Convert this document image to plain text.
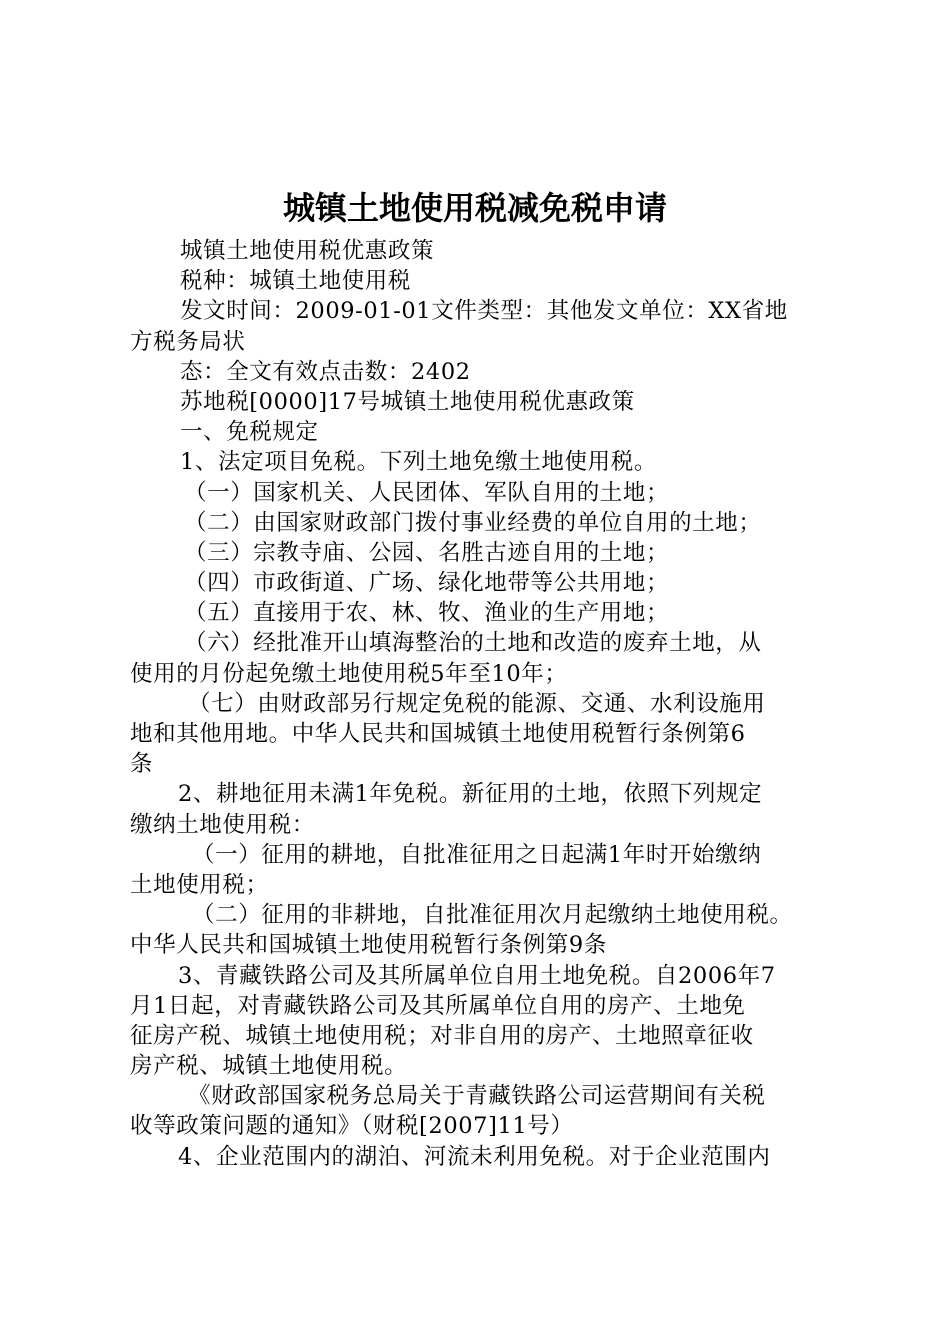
城镇土地使用税减免税申请
城镇土地使用税优惠政策
税种：城镇土地使用税
发文时间：2009-01-01文件类型：其他发文单位：XX省地
方税务局状
态：全文有效点击数：2402
苏地税[0000]17号城镇土地使用税优惠政策
一、免税规定
1、法定项目免税。下列土地免缴土地使用税。
（一）国家机关、人民团体、军队自用的土地；
（二）由国家财政部门拨付事业经费的单位自用的土地；
（三）宗教寺庙、公园、名胜古迹自用的土地；
（四）市政街道、广场、绿化地带等公共用地；
（五）直接用于农、林、牧、渔业的生产用地；
（六）经批准开山填海整治的土地和改造的废弃土地，从
使用的月份起免缴土地使用税5年至10年；
（七）由财政部另行规定免税的能源、交通、水利设施用
地和其他用地。中华人民共和国城镇土地使用税暂行条例第6
条
2、耕地征用未满1年免税。新征用的土地，依照下列规定
缴纳土地使用税：
（一）征用的耕地，自批准征用之日起满1年时开始缴纳
土地使用税；
（二）征用的非耕地，自批准征用次月起缴纳土地使用税。
中华人民共和国城镇土地使用税暂行条例第9条
3、青藏铁路公司及其所属单位自用土地免税。自2006年7
月1日起，对青藏铁路公司及其所属单位自用的房产、土地免
征房产税、城镇土地使用税；对非自用的房产、土地照章征收
房产税、城镇土地使用税。
《财政部国家税务总局关于青藏铁路公司运营期间有关税
收等政策问题的通知》（财税[2007]11号）
4、企业范围内的湖泊、河流未利用免税。对于企业范围内
